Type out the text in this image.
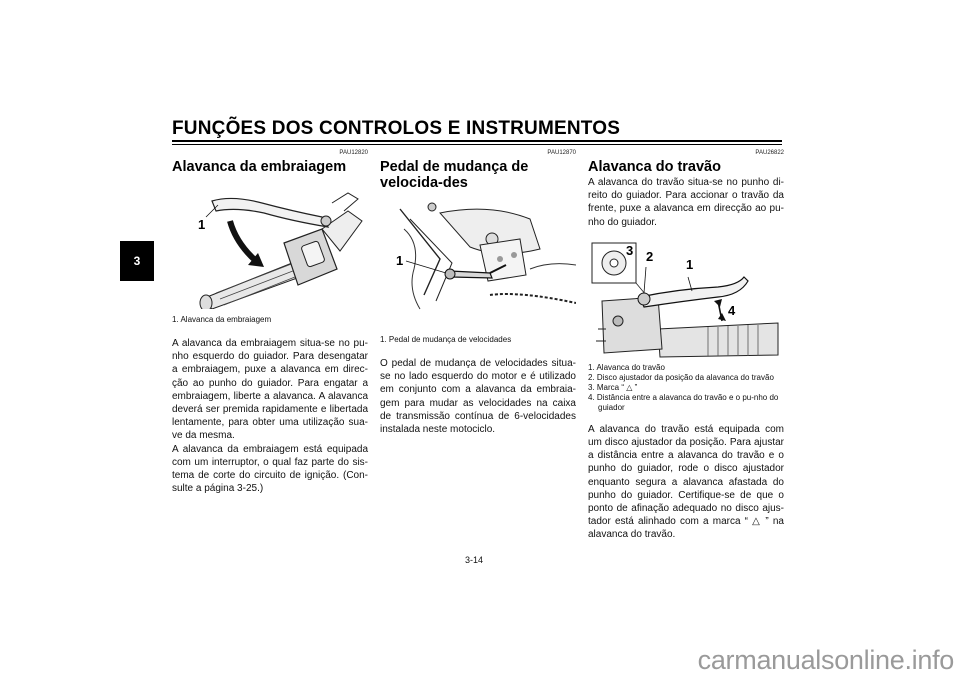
FUNÇÕES DOS CONTROLOS E INSTRUMENTOS
3
PAU12820
Alavanca da embraiagem
1
1. Alavanca da embraiagem

A alavanca da embraiagem situa-se no pu-nho esquerdo do guiador. Para desengatar a embraiagem, puxe a alavanca em direc-ção ao punho do guiador. Para engatar a embraiagem, liberte a alavanca. A alavanca deverá ser premida rapidamente e libertada lentamente, para obter uma utilização sua-ve da mesma.

A alavanca da embraiagem está equipada com um interruptor, o qual faz parte do sis-tema de corte do circuito de ignição. (Con-sulte a página 3-25.)

PAU12870
Pedal de mudança de velocida-des
1
1. Pedal de mudança de velocidades

O pedal de mudança de velocidades situa-se no lado esquerdo do motor e é utilizado em conjunto com a alavanca da embraia-gem para mudar as velocidades na caixa de transmissão contínua de 6-velocidades instalada neste motociclo.

PAU26822
Alavanca do travão

A alavanca do travão situa-se no punho di-reito do guiador. Para accionar o travão da frente, puxe a alavanca em direcção ao pu-nho do guiador.

3 2
1
4
1. Alavanca do travão
2. Disco ajustador da posição da alavanca do travão
3. Marca “ △ ”
4. Distância entre a alavanca do travão e o pu-nho do guiador

A alavanca do travão está equipada com um disco ajustador da posição. Para ajustar a distância entre a alavanca do travão e o punho do guiador, rode o disco ajustador enquanto segura a alavanca afastada do punho do guiador. Certifique-se de que o ponto de afinação adequado no disco ajus-tador está alinhado com a marca “ △ ” na alavanca do travão.

3-14
carmanualsonline.info
